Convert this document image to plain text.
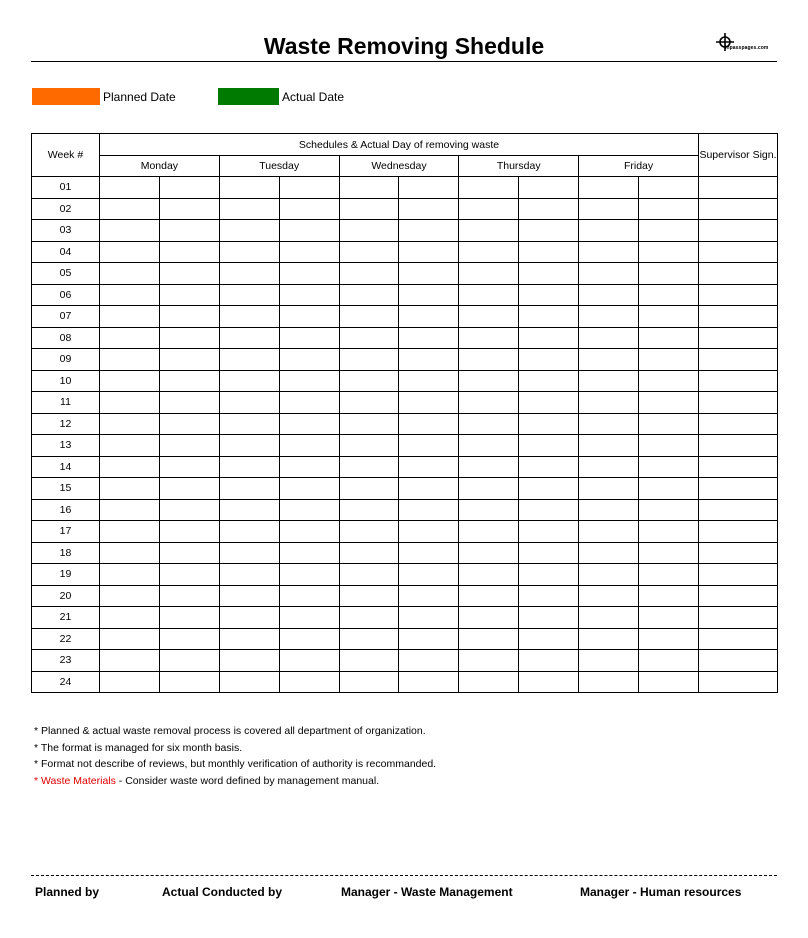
Waste Removing Shedule	inpasspages.com
Planned Date	Actual Date
Week #	Schedules & Actual Day of removing waste										Supervisor Sign.
	Monday		Tuesday		Wednesday		Thursday		Friday		
01											
02											
03											
04											
05											
06											
07											
08											
09											
10											
11											
12											
13											
14											
15											
16											
17											
18											
19											
20											
21											
22											
23											
24											
* Planned & actual waste removal process is covered all department of organization.
* The format is managed for six month basis.
* Format not describe of reviews, but monthly verification of authority is recommanded.
* Waste Materials - Consider waste word defined by management manual.
Planned by	Actual Conducted by	Manager - Waste Management	Manager - Human resources
